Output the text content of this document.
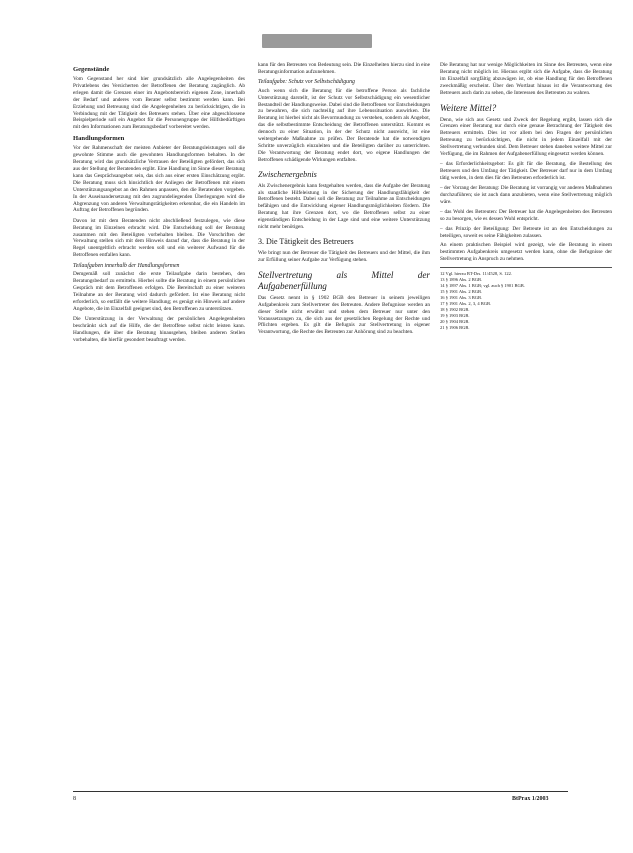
Gegenstände

Vom Gegenstand her sind hier grundsätzlich alle Angelegenheiten des Privatlebens des Versicherten der Betroffenen der Beratung zugänglich. Ab erlegen damit die Grenzen einer im Angebotsbereich eigenen Zone, innerhalb der Bedarf und anderes vom Berater selbst bestimmt werden kann. Bei Erziehung und Betreuung sind die Angelegenheiten zu berücksichtigen, die in Verbindung mit der Tätigkeit des Betreuers stehen. Über eine abgeschlossene Beispielperiode soll ein Angebot für die Personengruppe der Hilfsbedürftigen mit den Informationen zum Beratungsbedarf vorbereitet werden.

Handlungsformen

Vor der Rahmenschaft der meisten Anbieter der Beratungsleistungen soll die gewohnte Stimme auch die gewohnten Handlungsformen behalten. In der Beratung wird das grundsätzliche Vertrauen der Beteiligten gefördert, das sich aus der Stellung der Beratenden ergibt. Eine Handlung im Sinne dieser Beratung kann das Gesprächsangebot sein, das sich aus einer ersten Einschätzung ergibt. Die Beratung muss sich hinsichtlich der Anliegen der Betroffenen mit einem Unterstützungsangebot an den Rahmen anpassen, den die Beratenden vorgeben. In der Auseinandersetzung mit den zugrundeliegenden Überlegungen wird die Abgrenzung von anderen Verwaltungstätigkeiten erkennbar, die ein Handeln im Auftrag der Betroffenen begründen.

Davon ist mit dem Beratenden nicht abschließend festzulegen, wie diese Beratung im Einzelnen erbracht wird. Die Entscheidung soll der Beratung zusammen mit den Beteiligten vorbehalten bleiben. Die Vorschriften der Verwaltung stellen sich mit dem Hinweis darauf dar, dass die Beratung in der Regel unentgeltlich erbracht werden soll und ein weiterer Aufwand für die Betroffenen entfallen kann.

Teilaufgaben innerhalb der Handlungsformen

Demgemäß soll zunächst die erste Teilaufgabe darin bestehen, den Beratungsbedarf zu ermitteln. Hierbei sollte die Beratung in einem persönlichen Gespräch mit dem Betroffenen erfolgen. Die Bereitschaft zu einer weiteren Teilnahme an der Beratung wird dadurch gefördert. Ist eine Beratung nicht erforderlich, so entfällt die weitere Handlung; es genügt ein Hinweis auf andere Angebote, die im Einzelfall geeignet sind, den Betroffenen zu unterstützen.

Die Unterstützung in der Verwaltung der persönlichen Angelegenheiten beschränkt sich auf die Hilfe, die der Betroffene selbst nicht leisten kann. Handlungen, die über die Beratung hinausgehen, bleiben anderen Stellen vorbehalten, die hierfür gesondert beauftragt werden.

kann für den Betreuten von Bedeutung sein. Die Einzelheiten hierzu sind in eine Beratungsinformation aufzunehmen.

Teilaufgabe: Schutz vor Selbstschädigung

Auch wenn sich die Beratung für die betroffene Person als fachliche Unterstützung darstellt, ist der Schutz vor Selbstschädigung ein wesentlicher Bestandteil der Handlungsweise. Dabei sind die Betroffenen vor Entscheidungen zu bewahren, die sich nachteilig auf ihre Lebenssituation auswirken. Die Beratung ist hierbei nicht als Bevormundung zu verstehen, sondern als Angebot, das die selbstbestimmte Entscheidung der Betroffenen unterstützt. Kommt es dennoch zu einer Situation, in der der Schutz nicht ausreicht, ist eine weitergehende Maßnahme zu prüfen. Der Beratende hat die notwendigen Schritte unverzüglich einzuleiten und die Beteiligten darüber zu unterrichten. Die Verantwortung der Beratung endet dort, wo eigene Handlungen der Betroffenen schädigende Wirkungen entfalten.

Zwischenergebnis

Als Zwischenergebnis kann festgehalten werden, dass die Aufgabe der Beratung als staatliche Hilfeleistung in der Sicherung der Handlungsfähigkeit der Betroffenen besteht. Dabei soll die Beratung zur Teilnahme an Entscheidungen befähigen und die Entwicklung eigener Handlungsmöglichkeiten fördern. Die Beratung hat ihre Grenzen dort, wo die Betroffenen selbst zu einer eigenständigen Entscheidung in der Lage sind und eine weitere Unterstützung nicht mehr benötigen.

3. Die Tätigkeit des Betreuers

Wie bringt nun der Betreuer die Tätigkeit des Betreuers und der Mittel, die ihm zur Erfüllung seiner Aufgabe zur Verfügung stehen.

Stellvertretung als Mittel der Aufgabenerfüllung

Das Gesetz nennt in § 1902 BGB den Betreuer in seinem jeweiligen Aufgabenkreis zum Stellvertreter des Betreuten. Andere Befugnisse werden an dieser Stelle nicht erwähnt und stehen dem Betreuer nur unter den Voraussetzungen zu, die sich aus der gesetzlichen Regelung der Rechte und Pflichten ergeben. Es gilt die Befugnis zur Stellvertretung in eigener Verantwortung, die Rechte des Betreuten zur Anhörung sind zu beachten.

Die Beratung hat nur wenige Möglichkeiten im Sinne des Betreuten, wenn eine Beratung nicht möglich ist. Hieraus ergibt sich die Aufgabe, dass die Beratung im Einzelfall sorgfältig abzuwägen ist, ob eine Handlung für den Betroffenen zweckmäßig erscheint. Über den Wortlaut hinaus ist die Verantwortung des Betreuers auch darin zu sehen, die Interessen des Betreuten zu wahren.

Weitere Mittel?

Denn, wie sich aus Gesetz und Zweck der Regelung ergibt, lassen sich die Grenzen einer Beratung nur durch eine genaue Betrachtung der Tätigkeit des Betreuers ermitteln. Dies ist vor allem bei den Fragen der persönlichen Betreuung zu berücksichtigen, die nicht in jedem Einzelfall mit der Stellvertretung verbunden sind. Dem Betreuer stehen daneben weitere Mittel zur Verfügung, die im Rahmen der Aufgabenerfüllung eingesetzt werden können.

– das Erforderlichkeitsgebot: Es gilt für die Beratung, die Bestellung des Betreuers und den Umfang der Tätigkeit. Der Betreuer darf nur in dem Umfang tätig werden, in dem dies für den Betreuten erforderlich ist.
– der Vorrang der Beratung: Die Beratung ist vorrangig vor anderen Maßnahmen durchzuführen; sie ist auch dann anzubieten, wenn eine Stellvertretung möglich wäre.
– das Wohl des Betreuten: Der Betreuer hat die Angelegenheiten des Betreuten so zu besorgen, wie es dessen Wohl entspricht.
– das Prinzip der Beteiligung: Der Betreute ist an den Entscheidungen zu beteiligen, soweit es seine Fähigkeiten zulassen.

An einem praktischen Beispiel wird gezeigt, wie die Beratung in einem bestimmten Aufgabenkreis umgesetzt werden kann, ohne die Befugnisse der Stellvertretung in Anspruch zu nehmen.

12 Vgl. hierzu BT-Drs. 11/4528, S. 122.
13 § 1896 Abs. 2 BGB.
14 § 1897 Abs. 1 BGB; vgl. auch § 1901 BGB.
15 § 1901 Abs. 2 BGB.
16 § 1901 Abs. 3 BGB.
17 § 1901 Abs. 2, 3, 4 BGB.
18 § 1902 BGB.
19 § 1903 BGB.
20 § 1904 BGB.
21 § 1906 BGB.
8	BtPrax 1/2003
